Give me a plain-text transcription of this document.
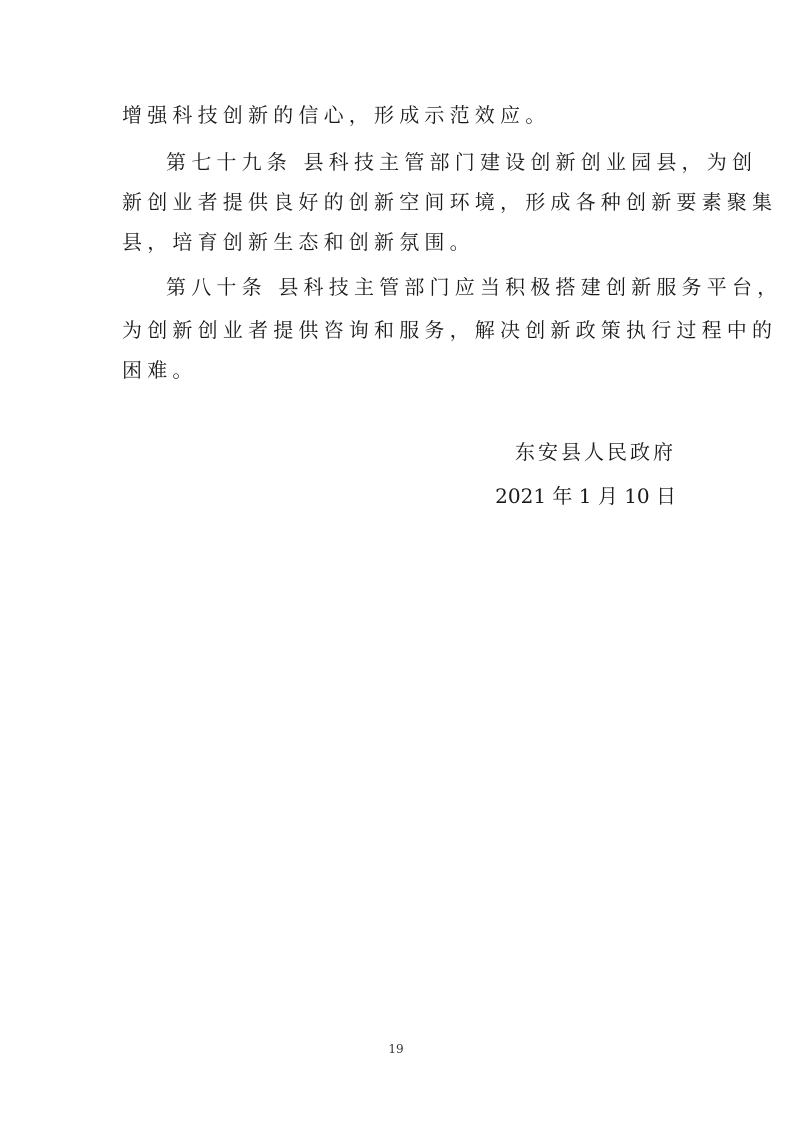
增强科技创新的信心，形成示范效应。
第七十九条 县科技主管部门建设创新创业园县，为创
新创业者提供良好的创新空间环境，形成各种创新要素聚集
县，培育创新生态和创新氛围。
第八十条 县科技主管部门应当积极搭建创新服务平台，
为创新创业者提供咨询和服务，解决创新政策执行过程中的
困难。
东安县人民政府
2021 年 1 月 10 日
19
